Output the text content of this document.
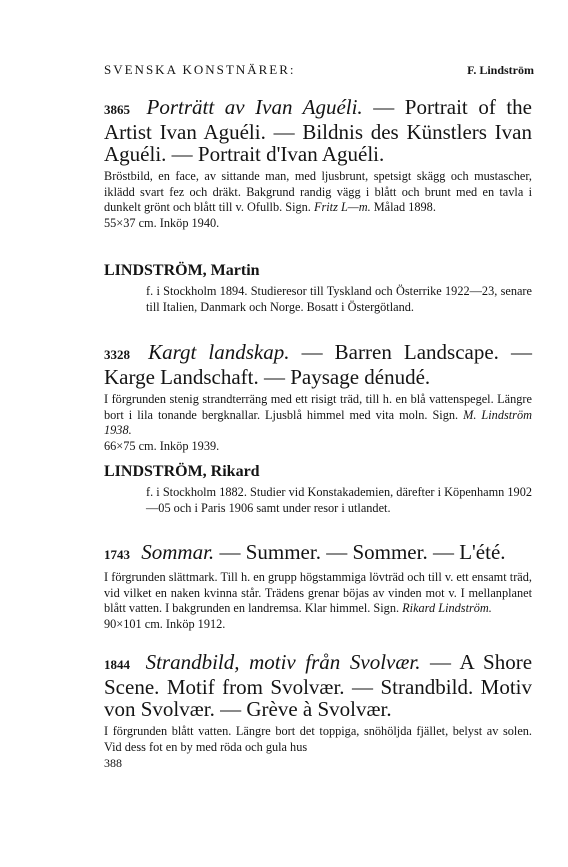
SVENSKA KONSTNÄRER:	F. Lindström
3865 Porträtt av Ivan Aguéli. — Portrait of the Artist Ivan Aguéli. — Bildnis des Künstlers Ivan Aguéli. — Portrait d'Ivan Aguéli.
Bröstbild, en face, av sittande man, med ljusbrunt, spetsigt skägg och mustascher, iklädd svart fez och dräkt. Bakgrund randig vägg i blått och brunt med en tavla i dunkelt grönt och blått till v. Ofullb. Sign. Fritz L—m. Målad 1898.
55×37 cm. Inköp 1940.
LINDSTRÖM, Martin
f. i Stockholm 1894. Studieresor till Tyskland och Österrike 1922—23, senare till Italien, Danmark och Norge. Bosatt i Östergötland.
3328 Kargt landskap. — Barren Landscape. — Karge Landschaft. — Paysage dénudé.
I förgrunden stenig strandterräng med ett risigt träd, till h. en blå vattenspegel. Längre bort i lila tonande bergknallar. Ljusblå himmel med vita moln. Sign. M. Lindström 1938.
66×75 cm. Inköp 1939.
LINDSTRÖM, Rikard
f. i Stockholm 1882. Studier vid Konstakademien, därefter i Köpenhamn 1902—05 och i Paris 1906 samt under resor i utlandet.
1743 Sommar. — Summer. — Sommer. — L'été.
I förgrunden slättmark. Till h. en grupp högstammiga lövträd och till v. ett ensamt träd, vid vilket en naken kvinna står. Trädens grenar böjas av vinden mot v. I mellanplanet blått vatten. I bakgrunden en landremsa. Klar himmel. Sign. Rikard Lindström.
90×101 cm. Inköp 1912.
1844 Strandbild, motiv från Svolvær. — A Shore Scene. Motif from Svolvær. — Strandbild. Motiv von Svolvær. — Grève à Svolvær.
I förgrunden blått vatten. Längre bort det toppiga, snöhöljda fjället, belyst av solen. Vid dess fot en by med röda och gula hus
388
